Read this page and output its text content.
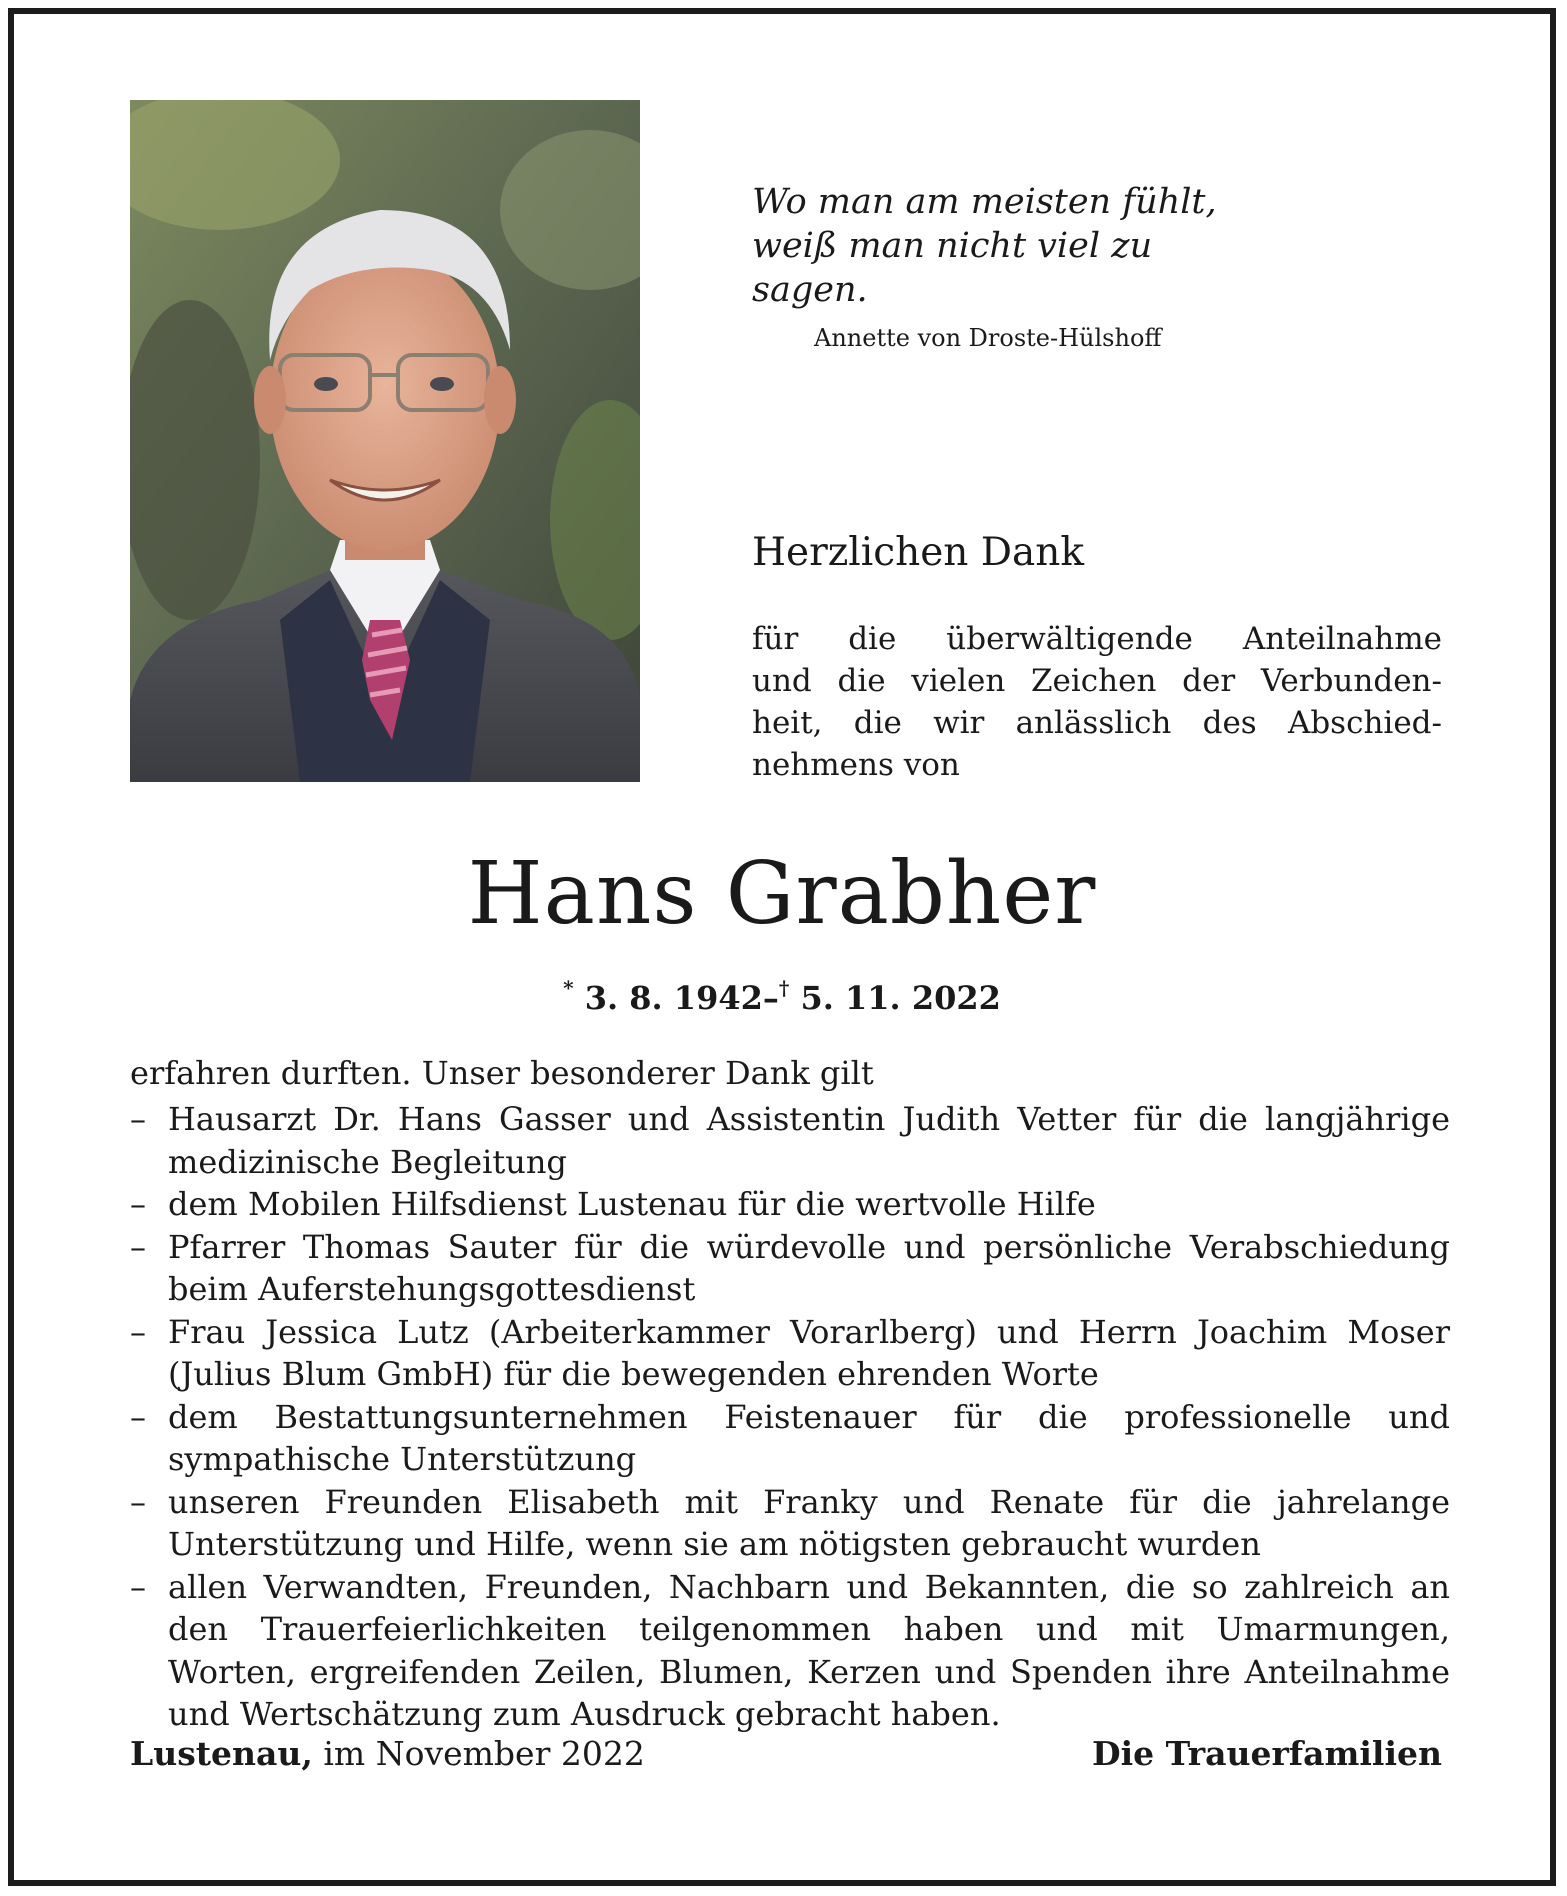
Wo man am meisten fühlt,

weiß man nicht viel zu sagen.

Annette von Droste-Hülshoff
Herzlichen Dank
für die überwältigende Anteilnahme
und die vielen Zeichen der Verbunden-
heit, die wir anlässlich des Abschied-
nehmens von
Hans Grabher
* 3. 8. 1942–† 5. 11. 2022
erfahren durften. Unser besonderer Dank gilt
– Hausarzt Dr. Hans Gasser und Assistentin Judith Vetter für die langjährige medizinische Begleitung
– dem Mobilen Hilfsdienst Lustenau für die wertvolle Hilfe
– Pfarrer Thomas Sauter für die würdevolle und persönliche Verabschiedung beim Auferstehungsgottesdienst
– Frau Jessica Lutz (Arbeiterkammer Vorarlberg) und Herrn Joachim Moser (Julius Blum GmbH) für die bewegenden ehrenden Worte
– dem Bestattungsunternehmen Feistenauer für die professionelle und sympathische Unterstützung
– unseren Freunden Elisabeth mit Franky und Renate für die jahrelange Unterstützung und Hilfe, wenn sie am nötigsten gebraucht wurden
– allen Verwandten, Freunden, Nachbarn und Bekannten, die so zahlreich an den Trauerfeierlichkeiten teilgenommen haben und mit Umarmungen, Worten, ergreifenden Zeilen, Blumen, Kerzen und Spenden ihre Anteilnahme und Wertschätzung zum Ausdruck gebracht haben.
Lustenau, im November 2022	Die Trauerfamilien
